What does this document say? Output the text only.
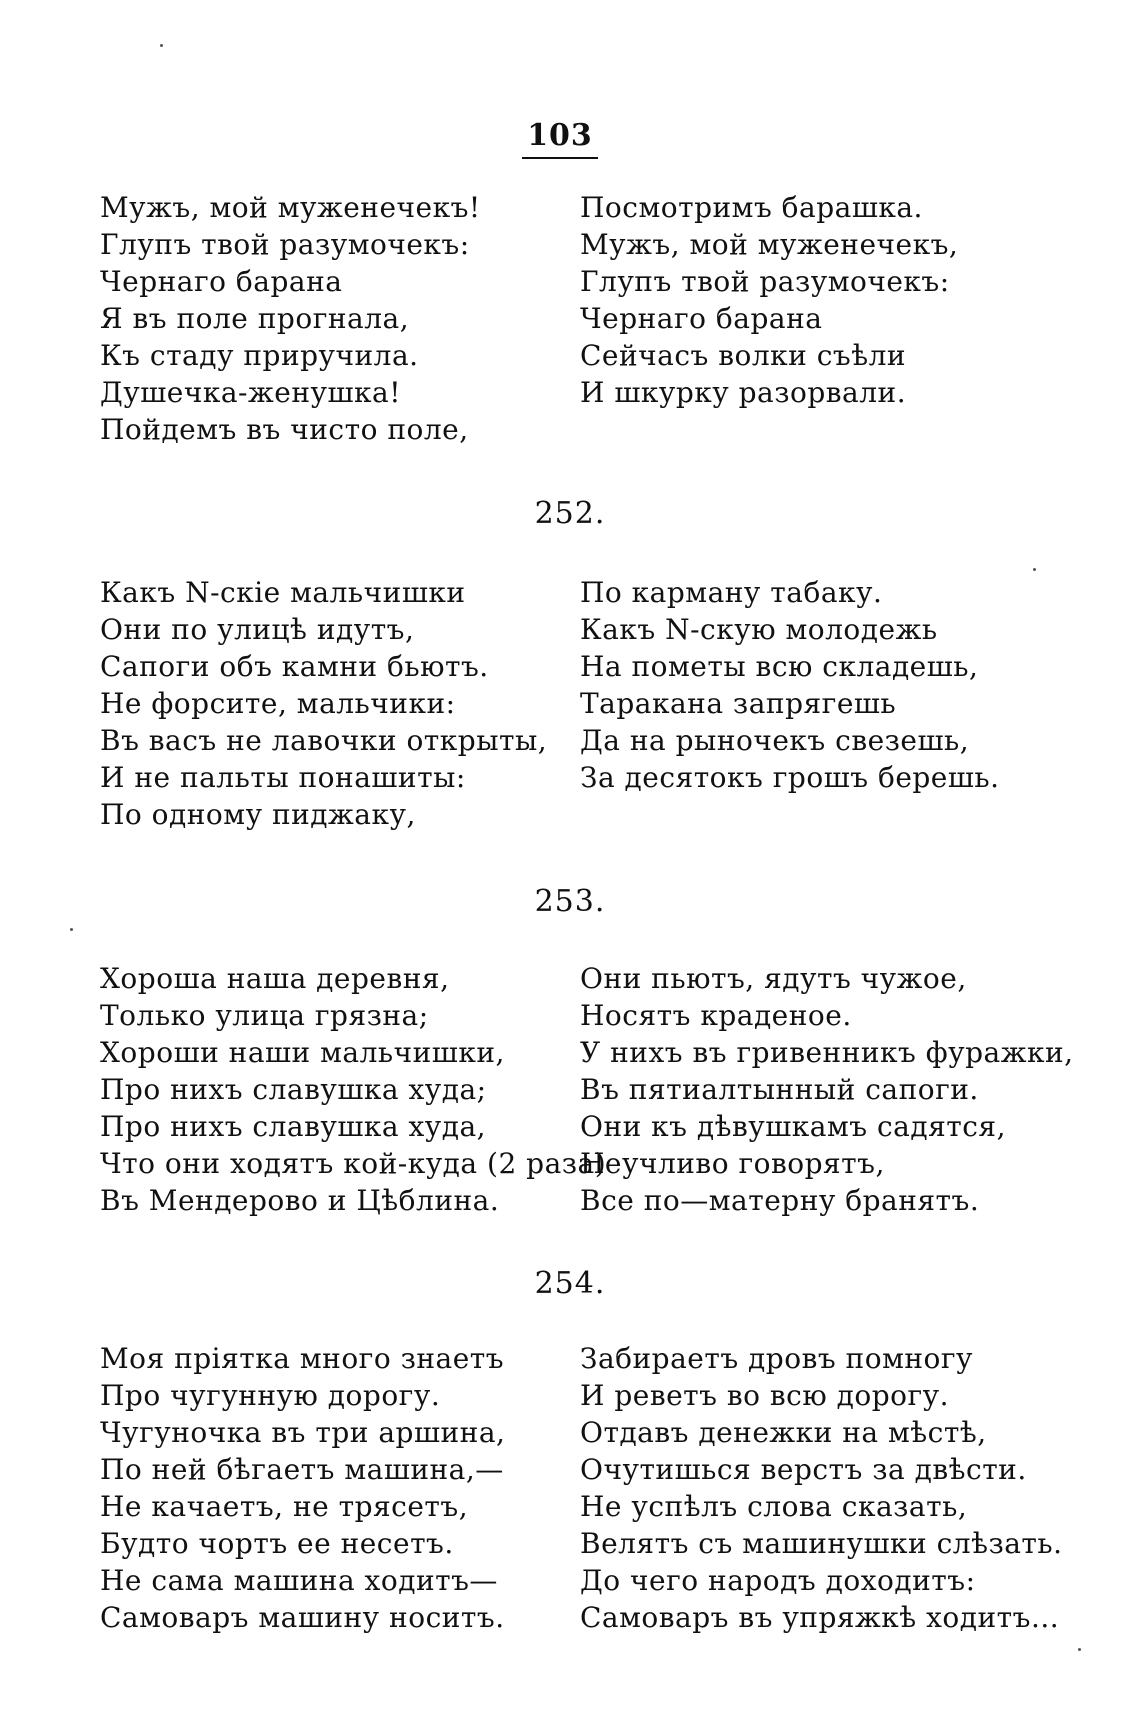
103
Мужъ, мой муженечекъ!
Глупъ твой разумочекъ:
Чернаго барана
Я въ поле прогнала,
Къ стаду приручила.
Душечка-женушка!
Пойдемъ въ чисто поле,
Посмотримъ барашка.
Мужъ, мой муженечекъ,
Глупъ твой разумочекъ:
Чернаго барана
Сейчасъ волки съѣли
И шкурку разорвали.
252.
Какъ N-скіе мальчишки
Они по улицѣ идутъ,
Сапоги объ камни бьютъ.
Не форсите, мальчики:
Въ васъ не лавочки открыты,
И не пальты понашиты:
По одному пиджаку,
По карману табаку.
Какъ N-скую молодежь
На пометы всю складешь,
Таракана запрягешь
Да на рыночекъ свезешь,
За десятокъ грошъ берешь.
253.
Хороша наша деревня,
Только улица грязна;
Хороши наши мальчишки,
Про нихъ славушка худа;
Про нихъ славушка худа,
Что они ходятъ кой-куда (2 раза)
Въ Мендерово и Цѣблина.
Они пьютъ, ядутъ чужое,
Носятъ краденое.
У нихъ въ гривенникъ фуражки,
Въ пятиалтынный сапоги.
Они къ дѣвушкамъ садятся,
Неучливо говорятъ,
Все по—матерну бранятъ.
254.
Моя пріятка много знаетъ
Про чугунную дорогу.
Чугуночка въ три аршина,
По ней бѣгаетъ машина,—
Не качаетъ, не трясетъ,
Будто чортъ ее несетъ.
Не сама машина ходитъ—
Самоваръ машину носитъ.
Забираетъ дровъ помногу
И реветъ во всю дорогу.
Отдавъ денежки на мѣстѣ,
Очутишься верстъ за двѣсти.
Не успѣлъ слова сказать,
Велятъ съ машинушки слѣзать.
До чего народъ доходитъ:
Самоваръ въ упряжкѣ ходитъ...
